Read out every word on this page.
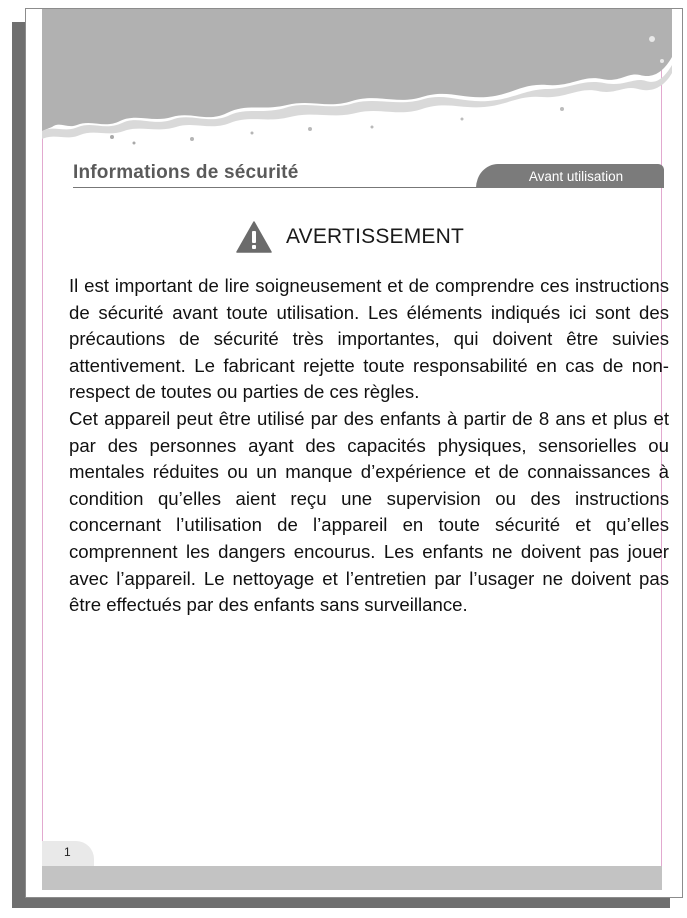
Informations de sécurité	Avant utilisation
AVERTISSEMENT

Il est important de lire soigneusement et de comprendre ces instructions de sécurité avant toute utilisation. Les éléments indiqués ici sont des précautions de sécurité très importantes, qui doivent être suivies attentivement. Le fabricant rejette toute responsabilité en cas de non-respect de toutes ou parties de ces règles.

Cet appareil peut être utilisé par des enfants à partir de 8 ans et plus et par des personnes ayant des capacités physiques, sensorielles ou mentales réduites ou un manque d’expérience et de connaissances à condition qu’elles aient reçu une supervision ou des instructions concernant l’utilisation de l’appareil en toute sécurité et qu’elles comprennent les dangers encourus. Les enfants ne doivent pas jouer avec l’appareil. Le nettoyage et l’entretien par l’usager ne doivent pas être effectués par des enfants sans surveillance.

1
